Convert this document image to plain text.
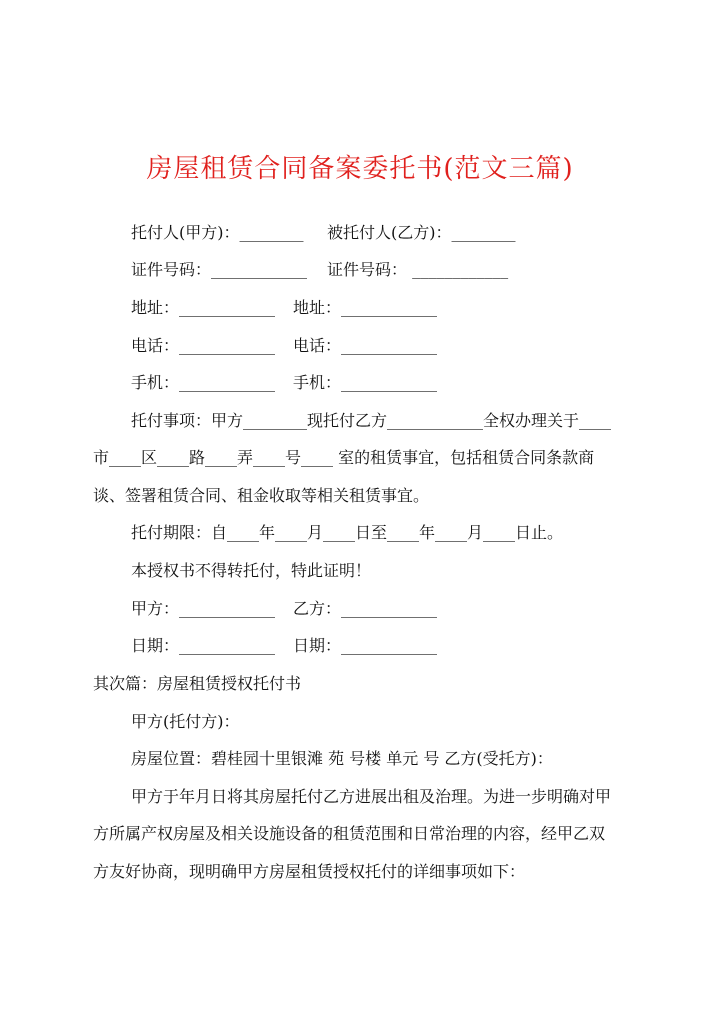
房屋租赁合同备案委托书(范文三篇)
托付人(甲方)：________ 被托付人(乙方)：________
证件号码：____________ 证件号码： ____________
地址：____________ 地址：____________
电话：____________ 电话：____________
手机：____________ 手机：____________
托付事项：甲方________现托付乙方____________全权办理关于____
市____区____路____弄____号____ 室的租赁事宜，包括租赁合同条款商
谈、签署租赁合同、租金收取等相关租赁事宜。
托付期限：自____年____月____日至____年____月____日止。
本授权书不得转托付，特此证明！
甲方：____________ 乙方：____________
日期：____________ 日期：____________
其次篇：房屋租赁授权托付书
甲方(托付方)：
房屋位置：碧桂园十里银滩 苑 号楼 单元 号 乙方(受托方)：
甲方于年月日将其房屋托付乙方进展出租及治理。为进一步明确对甲
方所属产权房屋及相关设施设备的租赁范围和日常治理的内容，经甲乙双
方友好协商，现明确甲方房屋租赁授权托付的详细事项如下：
